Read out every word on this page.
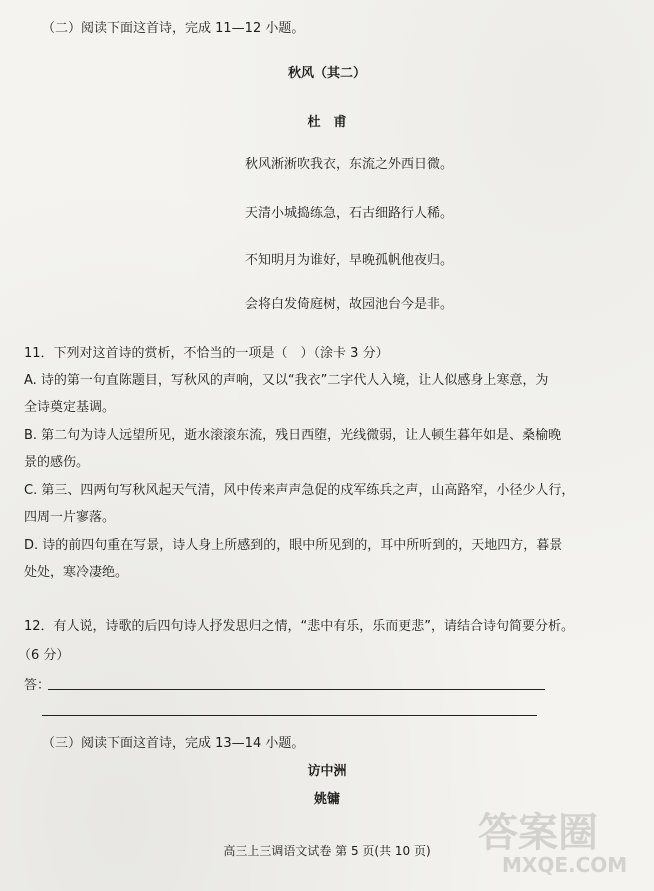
（二）阅读下面这首诗，完成 11—12 小题。
秋风（其二）
杜　甫
秋风淅淅吹我衣，东流之外西日微。
天清小城捣练急，石古细路行人稀。
不知明月为谁好，早晚孤帆他夜归。
会将白发倚庭树，故园池台今是非。
11．下列对这首诗的赏析，不恰当的一项是（　）（涂卡 3 分）
A. 诗的第一句直陈题目，写秋风的声响，又以“我衣”二字代人入境，让人似感身上寒意，为
全诗奠定基调。
B. 第二句为诗人远望所见，逝水滚滚东流，残日西堕，光线微弱，让人顿生暮年如是、桑榆晚
景的感伤。
C. 第三、四两句写秋风起天气清，风中传来声声急促的戍军练兵之声，山高路窄，小径少人行，
四周一片寥落。
D. 诗的前四句重在写景，诗人身上所感到的，眼中所见到的，耳中所听到的，天地四方，暮景
处处，寒冷凄绝。
12．有人说，诗歌的后四句诗人抒发思归之情，“悲中有乐，乐而更悲”，请结合诗句简要分析。
（6 分）
答：
（三）阅读下面这首诗，完成 13—14 小题。
访中洲
姚镛
高三上三调语文试卷 第 5 页(共 10 页)	答案圈
MXQE.COM
